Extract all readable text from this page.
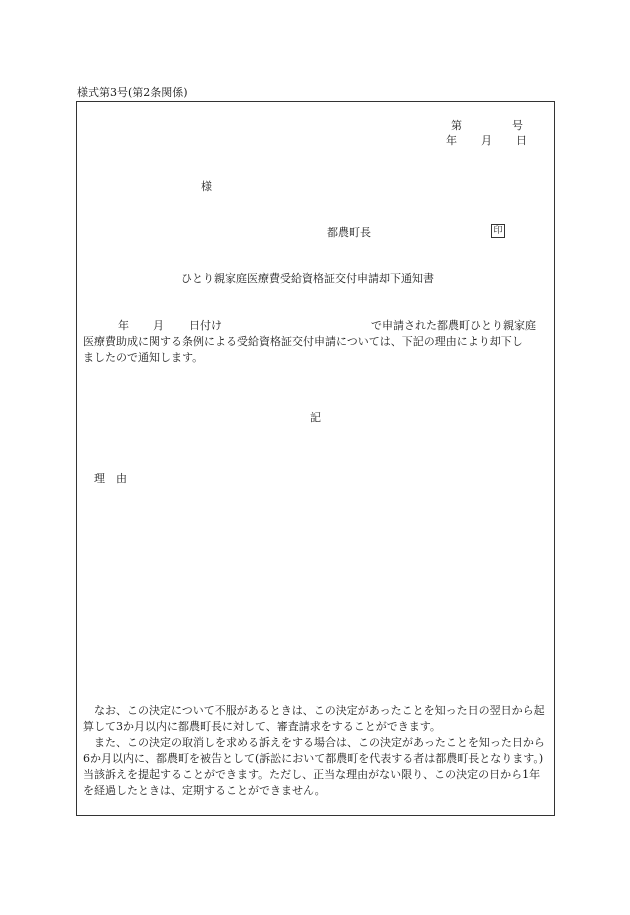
様式第3号(第2条関係)
第	号
年 月 日
様
都農町長	印
ひとり親家庭医療費受給資格証交付申請却下通知書
年 月 日付け	で申請された都農町ひとり親家庭
医療費助成に関する条例による受給資格証交付申請については、下記の理由により却下し
ましたので通知します。
記
理　由
なお、この決定について不服があるときは、この決定があったことを知った日の翌日から起算して3か月以内に都農町長に対して、審査請求をすることができます。
また、この決定の取消しを求める訴えをする場合は、この決定があったことを知った日から6か月以内に、都農町を被告として(訴訟において都農町を代表する者は都農町長となります。)当該訴えを提起することができます。ただし、正当な理由がない限り、この決定の日から1年を経過したときは、定期することができません。
